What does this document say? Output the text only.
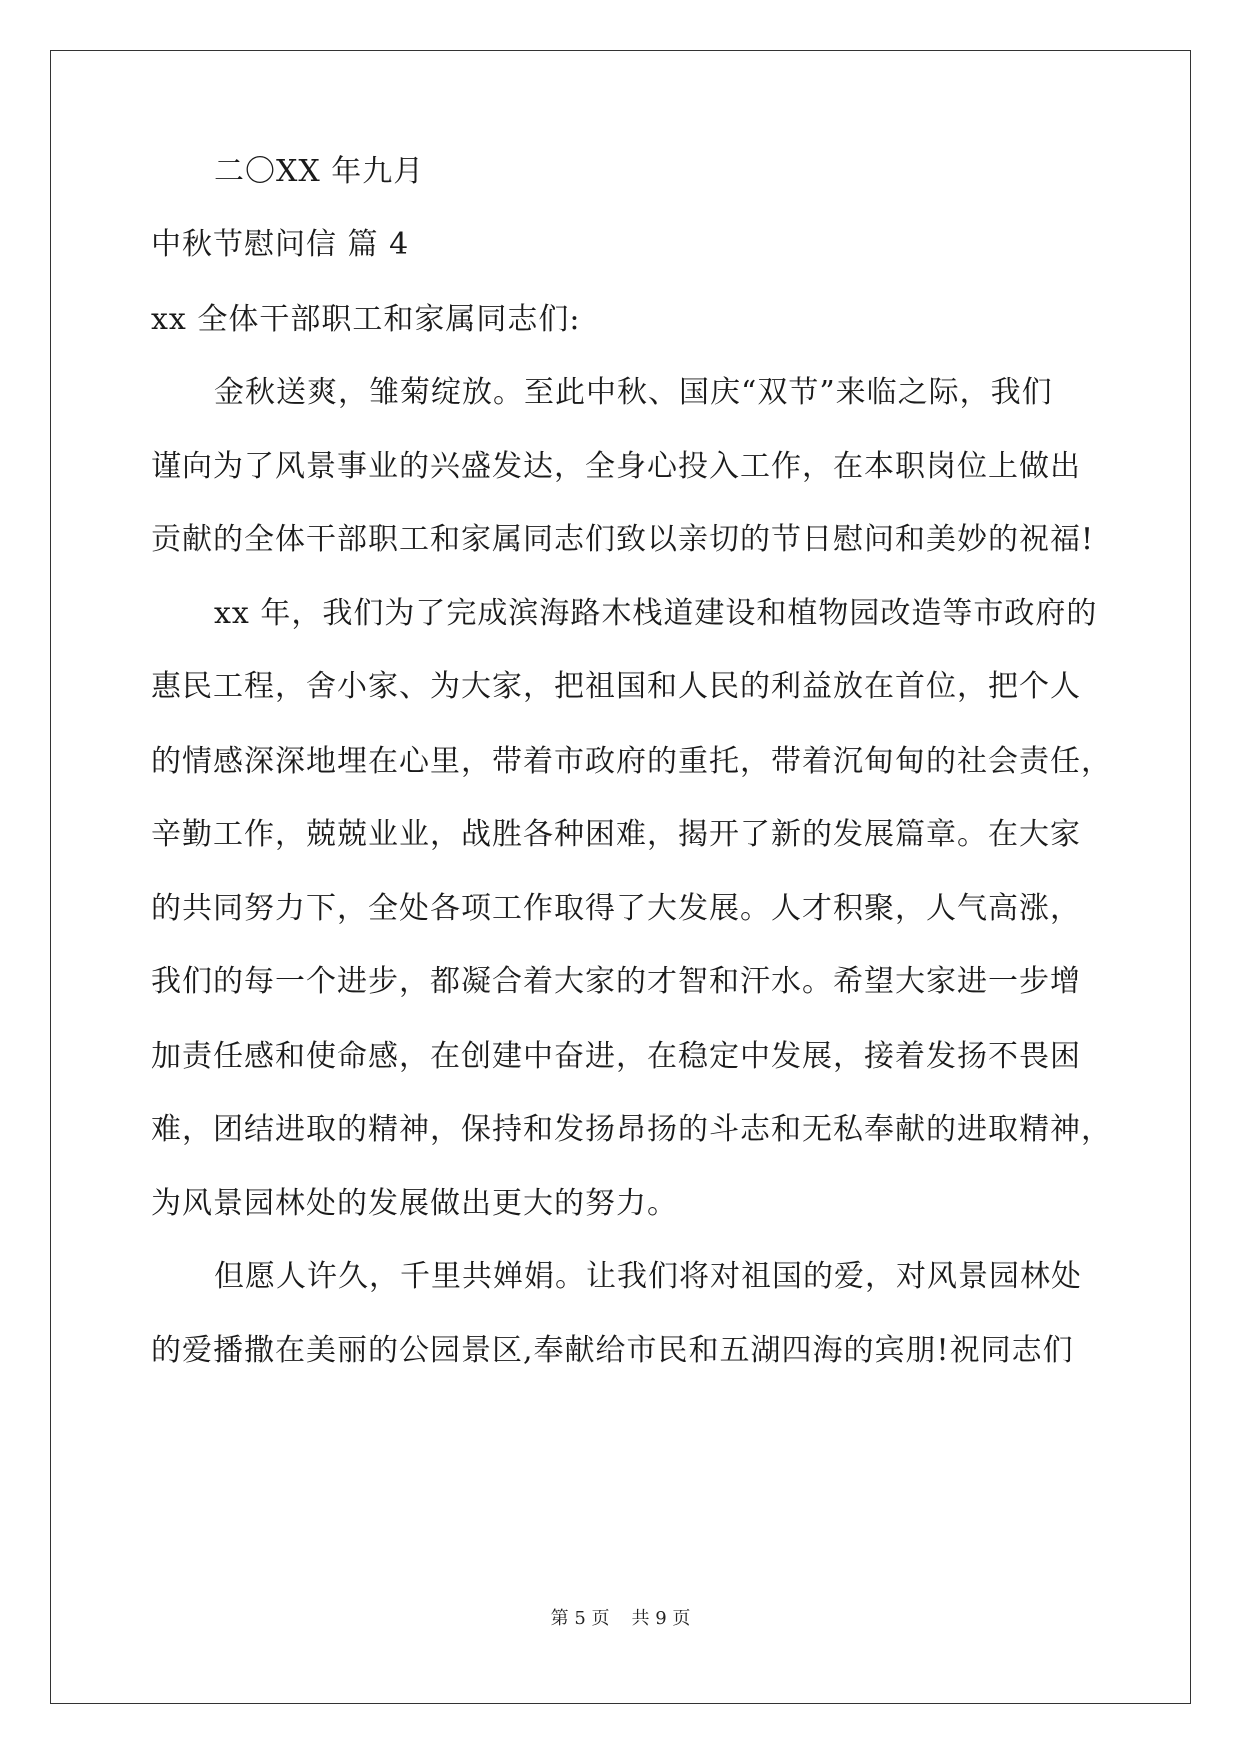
二〇XX 年九月
中秋节慰问信 篇 4
xx 全体干部职工和家属同志们:
金秋送爽，雏菊绽放。至此中秋、国庆“双节”来临之际，我们
谨向为了风景事业的兴盛发达，全身心投入工作，在本职岗位上做出
贡献的全体干部职工和家属同志们致以亲切的节日慰问和美妙的祝福!
xx 年，我们为了完成滨海路木栈道建设和植物园改造等市政府的
惠民工程，舍小家、为大家，把祖国和人民的利益放在首位，把个人
的情感深深地埋在心里，带着市政府的重托，带着沉甸甸的社会责任，
辛勤工作，兢兢业业，战胜各种困难，揭开了新的发展篇章。在大家
的共同努力下，全处各项工作取得了大发展。人才积聚，人气高涨，
我们的每一个进步，都凝合着大家的才智和汗水。希望大家进一步增
加责任感和使命感，在创建中奋进，在稳定中发展，接着发扬不畏困
难，团结进取的精神，保持和发扬昂扬的斗志和无私奉献的进取精神，
为风景园林处的发展做出更大的努力。
但愿人许久，千里共婵娟。让我们将对祖国的爱，对风景园林处
的爱播撒在美丽的公园景区,奉献给市民和五湖四海的宾朋!祝同志们
第 5 页 共 9 页
